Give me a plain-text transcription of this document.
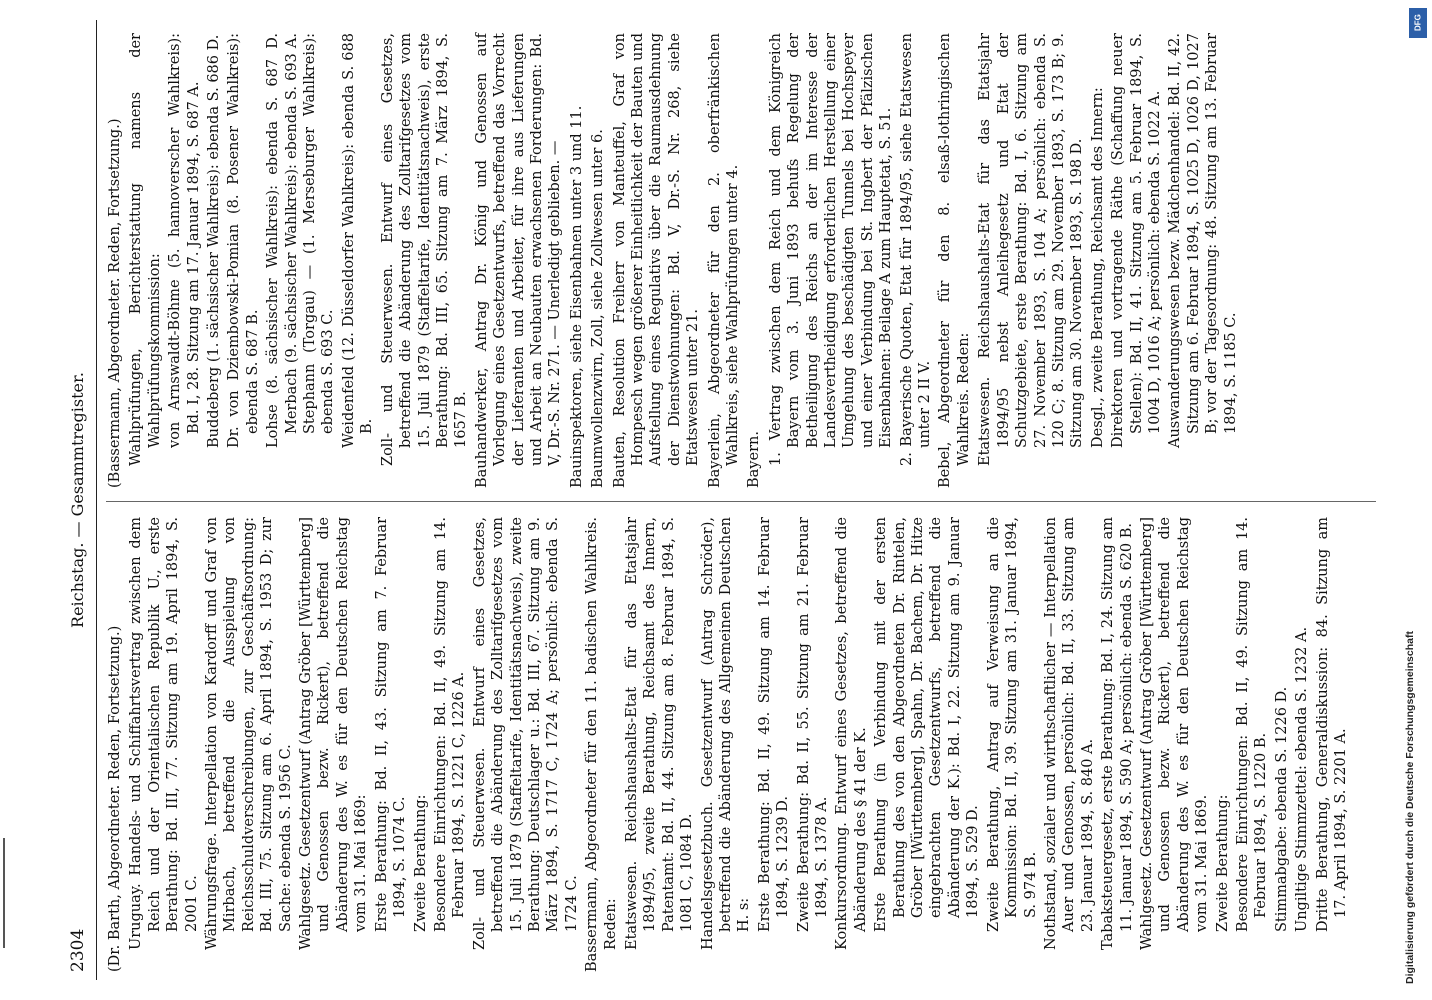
2304
Reichstag. — Gesammtregister.

(Dr. Barth, Abgeordneter. Reden, Fortsetzung.) Uruguay. Handels- und Schiffahrtsvertrag zwischen dem Reich und der Orientalischen Republik U., erste Berathung: Bd. III, 77. Sitzung am 19. April 1894, S. 2001 C. Währungsfrage. Interpellation von Kardorff und Graf von Mirbach, betreffend die Ausspielung von Reichsschuldverschreibungen, zur Geschäftsordnung: Bd. III, 75. Sitzung am 6. April 1894, S. 1953 D; zur Sache: ebenda S. 1956 C. Wahlgesetz. Gesetzentwurf (Antrag Gröber [Württemberg] und Genossen bezw. Rickert), betreffend die Abänderung des W. es für den Deutschen Reichstag vom 31. Mai 1869: Erste Berathung: Bd. II, 43. Sitzung am 7. Februar 1894, S. 1074 C. Zweite Berathung: Besondere Einrichtungen: Bd. II, 49. Sitzung am 14. Februar 1894, S. 1221 C, 1226 A. Zoll- und Steuerwesen. Entwurf eines Gesetzes, betreffend die Abänderung des Zolltarifgesetzes vom 15. Juli 1879 (Staffeltarife, Identitätsnachweis), zweite Berathung: Deutschlager u.: Bd. III, 67. Sitzung am 9. März 1894, S. 1717 C, 1724 A; persönlich: ebenda S. 1724 C. Bassermann, Abgeordneter für den 11. badischen Wahlkreis. Reden: Etatswesen. Reichshaushalts-Etat für das Etatsjahr 1894/95, zweite Berathung, Reichsamt des Innern, Patentamt: Bd. II, 44. Sitzung am 8. Februar 1894, S. 1081 C, 1084 D. Handelsgesetzbuch. Gesetzentwurf (Antrag Schröder), betreffend die Abänderung des Allgemeinen Deutschen H. s: Erste Berathung: Bd. II, 49. Sitzung am 14. Februar 1894, S. 1239 D. Zweite Berathung: Bd. II, 55. Sitzung am 21. Februar 1894, S. 1378 A. Konkursordnung. Entwurf eines Gesetzes, betreffend die Abänderung des § 41 der K. Erste Berathung (in Verbindung mit der ersten Berathung des von den Abgeordneten Dr. Rintelen, Gröber [Württemberg], Spahn, Dr. Bachem, Dr. Hitze eingebrachten Gesetzentwurfs, betreffend die Abänderung der K.): Bd. I, 22. Sitzung am 9. Januar 1894, S. 529 D. Zweite Berathung, Antrag auf Verweisung an die Kommission: Bd. II, 39. Sitzung am 31. Januar 1894, S. 974 B. Nothstand, sozialer und wirthschaftlicher — Interpellation Auer und Genossen, persönlich: Bd. II, 33. Sitzung am 23. Januar 1894, S. 840 A. Tabaksteuergesetz, erste Berathung: Bd. I, 24. Sitzung am 11. Januar 1894, S. 590 A; persönlich: ebenda S. 620 B. Wahlgesetz. Gesetzentwurf (Antrag Gröber [Württemberg] und Genossen bezw. Rickert), betreffend die Abänderung des W. es für den Deutschen Reichstag vom 31. Mai 1869. Zweite Berathung: Besondere Einrichtungen: Bd. II, 49. Sitzung am 14. Februar 1894, S. 1220 B. Stimmabgabe: ebenda S. 1226 D. Ungiltige Stimmzettel: ebenda S. 1232 A. Dritte Berathung, Generaldiskussion: 84. Sitzung am 17. April 1894, S. 2201 A.

(Bassermann, Abgeordneter. Reden, Fortsetzung.) Wahlprüfungen, Berichterstattung namens der Wahlprüfungskommission: von Arnswaldt-Böhme (5. hannoverscher Wahlkreis): Bd. I, 28. Sitzung am 17. Januar 1894, S. 687 A. Buddeberg (1. sächsischer Wahlkreis): ebenda S. 686 D. Dr. von Dziembowski-Pomian (8. Posener Wahlkreis): ebenda S. 687 B. Lohse (8. sächsischer Wahlkreis): ebenda S. 687 D. Merbach (9. sächsischer Wahlkreis): ebenda S. 693 A. Stephann (Torgau) — (1. Merseburger Wahlkreis): ebenda S. 693 C. Weidenfeld (12. Düsseldorfer Wahlkreis): ebenda S. 688 B. Zoll- und Steuerwesen. Entwurf eines Gesetzes, betreffend die Abänderung des Zolltarifgesetzes vom 15. Juli 1879 (Staffeltarife, Identitätsnachweis), erste Berathung: Bd. III, 65. Sitzung am 7. März 1894, S. 1657 B. Bauhandwerker, Antrag Dr. König und Genossen auf Vorlegung eines Gesetzentwurfs, betreffend das Vorrecht der Lieferanten und Arbeiter, für ihre aus Lieferungen und Arbeit an Neubauten erwachsenen Forderungen: Bd. V, Dr.-S. Nr. 271. — Unerledigt geblieben. — Bauinspektoren, siehe Eisenbahnen unter 3 und 11. Baumwollenzwirn, Zoll, siehe Zollwesen unter 6. Bauten, Resolution Freiherr von Manteuffel, Graf von Hompesch wegen größerer Einheitlichkeit der Bauten und Aufstellung eines Regulativs über die Raumausdehnung der Dienstwohnungen: Bd. V, Dr.-S. Nr. 268, siehe Etatswesen unter 21. Bayerlein, Abgeordneter für den 2. oberfränkischen Wahlkreis, siehe Wahlprüfungen unter 4. Bayern. 1. Vertrag zwischen dem Reich und dem Königreich Bayern vom 3. Juni 1893 behufs Regelung der Betheiligung des Reichs an der im Interesse der Landesvertheidigung erforderlichen Herstellung einer Umgehung des beschädigten Tunnels bei Hochspeyer und einer Verbindung bei St. Ingbert der Pfälzischen Eisenbahnen: Beilage A zum Hauptetat, S. 51. 2. Bayerische Quoten, Etat für 1894/95, siehe Etatswesen unter 2 II V. Bebel, Abgeordneter für den 8. elsaß-lothringischen Wahlkreis. Reden: Etatswesen. Reichshaushalts-Etat für das Etatsjahr 1894/95 nebst Anleihegesetz und Etat der Schutzgebiete, erste Berathung: Bd. I, 6. Sitzung am 27. November 1893, S. 104 A; persönlich: ebenda S. 120 C; 8. Sitzung am 29. November 1893, S. 173 B; 9. Sitzung am 30. November 1893, S. 198 D. Desgl., zweite Berathung, Reichsamt des Innern: Direktoren und vortragende Räthe (Schaffung neuer Stellen): Bd. II, 41. Sitzung am 5. Februar 1894, S. 1004 D, 1016 A; persönlich: ebenda S. 1022 A. Auswanderungswesen bezw. Mädchenhandel: Bd. II, 42. Sitzung am 6. Februar 1894, S. 1025 D, 1026 D, 1027 B; vor der Tagesordnung: 48. Sitzung am 13. Februar 1894, S. 1185 C.

DFG
Digitalisierung gefördert durch die Deutsche Forschungsgemeinschaft
